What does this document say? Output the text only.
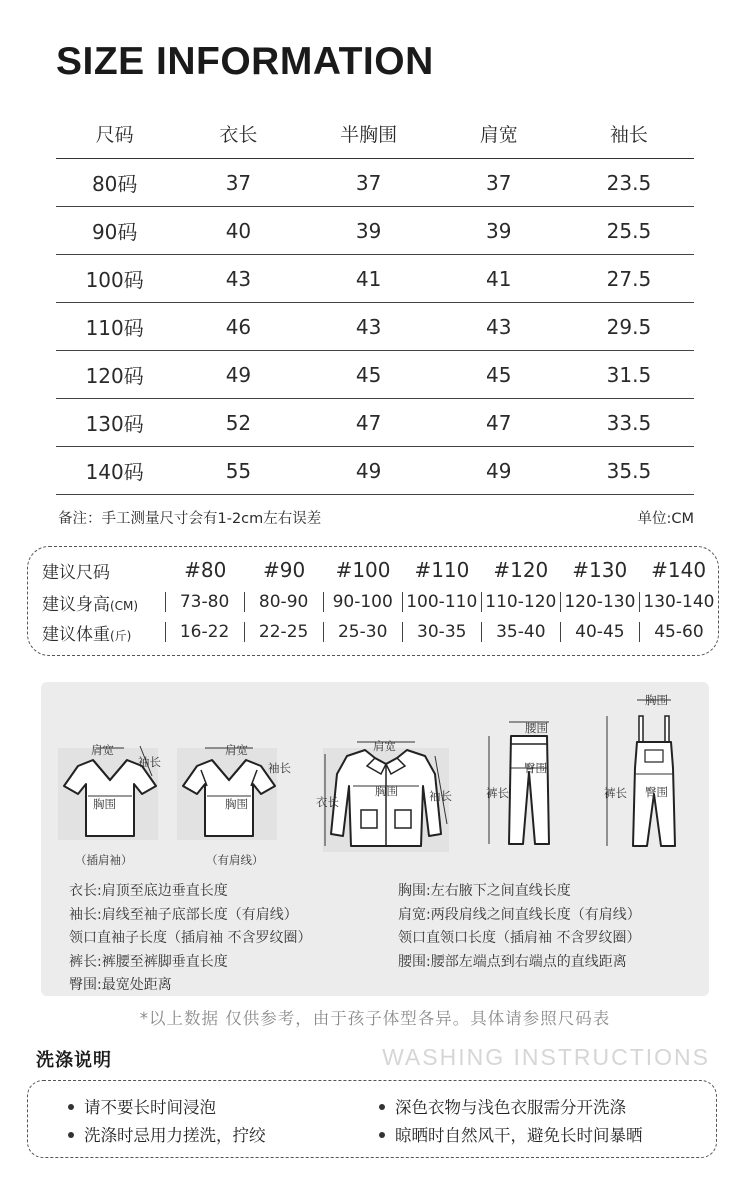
SIZE INFORMATION
尺码	衣长	半胸围	肩宽	袖长
80码	37	37	37	23.5
90码	40	39	39	25.5
100码	43	41	41	27.5
110码	46	43	43	29.5
120码	49	45	45	31.5
130码	52	47	47	33.5
140码	55	49	49	35.5
备注：手工测量尺寸会有1-2cm左右误差	单位:CM
建议尺码	#80	#90	#100	#110	#120	#130	#140
建议身高(CM)	73-80	80-90	90-100 100-110 110-120 120-130 130-140
建议体重(斤)	16-22	22-25	25-30	30-35	35-40	40-45	45-60
肩宽
袖长
胸围
（插肩袖）
肩宽
袖长
胸围
（有肩线）
肩宽
胸围
衣长	袖长
腰围
臀围
裤长
胸围
裤长 臀围
衣长:肩顶至底边垂直长度
袖长:肩线至袖子底部长度（有肩线）
领口直袖子长度（插肩袖 不含罗纹圈）
裤长:裤腰至裤脚垂直长度
臀围:最宽处距离
胸围:左右腋下之间直线长度
肩宽:两段肩线之间直线长度（有肩线）
领口直领口长度（插肩袖 不含罗纹圈）
腰围:腰部左端点到右端点的直线距离
*以上数据 仅供参考，由于孩子体型各异。具体请参照尺码表
洗涤说明	WASHING INSTRUCTIONS
请不要长时间浸泡	深色衣物与浅色衣服需分开洗涤
洗涤时忌用力搓洗，拧绞	晾晒时自然风干，避免长时间暴晒
